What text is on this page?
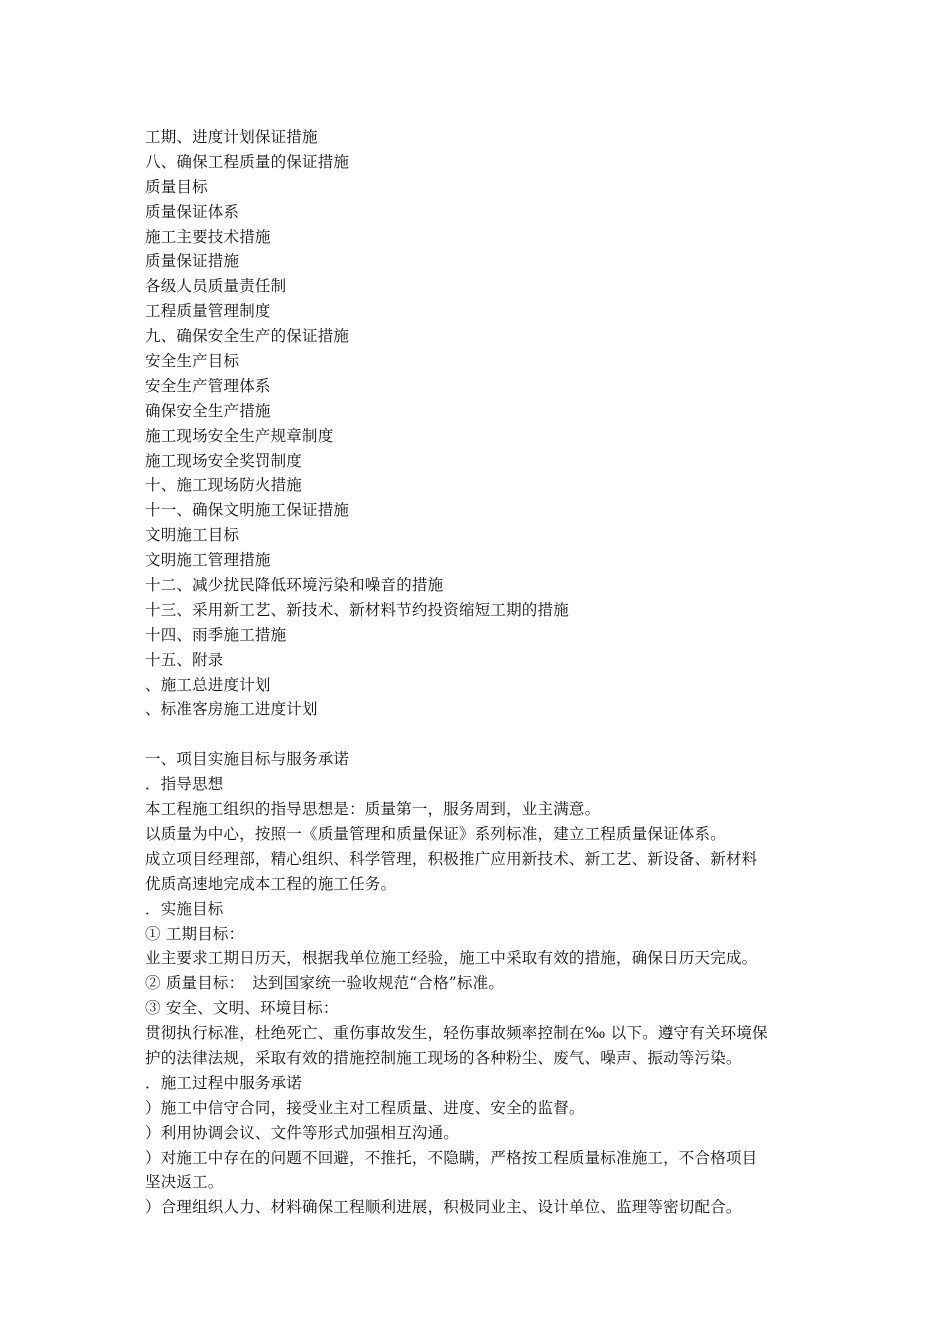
工期、进度计划保证措施
八、确保工程质量的保证措施
质量目标
质量保证体系
施工主要技术措施
质量保证措施
各级人员质量责任制
工程质量管理制度
九、确保安全生产的保证措施
安全生产目标
安全生产管理体系
确保安全生产措施
施工现场安全生产规章制度
施工现场安全奖罚制度
十、施工现场防火措施
十一、确保文明施工保证措施
文明施工目标
文明施工管理措施
十二、减少扰民降低环境污染和噪音的措施
十三、采用新工艺、新技术、新材料节约投资缩短工期的措施
十四、雨季施工措施
十五、附录
、施工总进度计划
、标准客房施工进度计划
一、项目实施目标与服务承诺
．指导思想
本工程施工组织的指导思想是：质量第一，服务周到，业主满意。
以质量为中心，按照一《质量管理和质量保证》系列标准，建立工程质量保证体系。
成立项目经理部，精心组织、科学管理，积极推广应用新技术、新工艺、新设备、新材料
优质高速地完成本工程的施工任务。
．实施目标
① 工期目标：
业主要求工期日历天，根据我单位施工经验，施工中采取有效的措施，确保日历天完成。
② 质量目标：　达到国家统一验收规范“合格”标准。
③ 安全、文明、环境目标：
贯彻执行标准，杜绝死亡、重伤事故发生，轻伤事故频率控制在‰ 以下。遵守有关环境保
护的法律法规，采取有效的措施控制施工现场的各种粉尘、废气、噪声、振动等污染。
．施工过程中服务承诺
）施工中信守合同，接受业主对工程质量、进度、安全的监督。
）利用协调会议、文件等形式加强相互沟通。
）对施工中存在的问题不回避，不推托，不隐瞒，严格按工程质量标准施工，不合格项目
坚决返工。
）合理组织人力、材料确保工程顺利进展，积极同业主、设计单位、监理等密切配合。
